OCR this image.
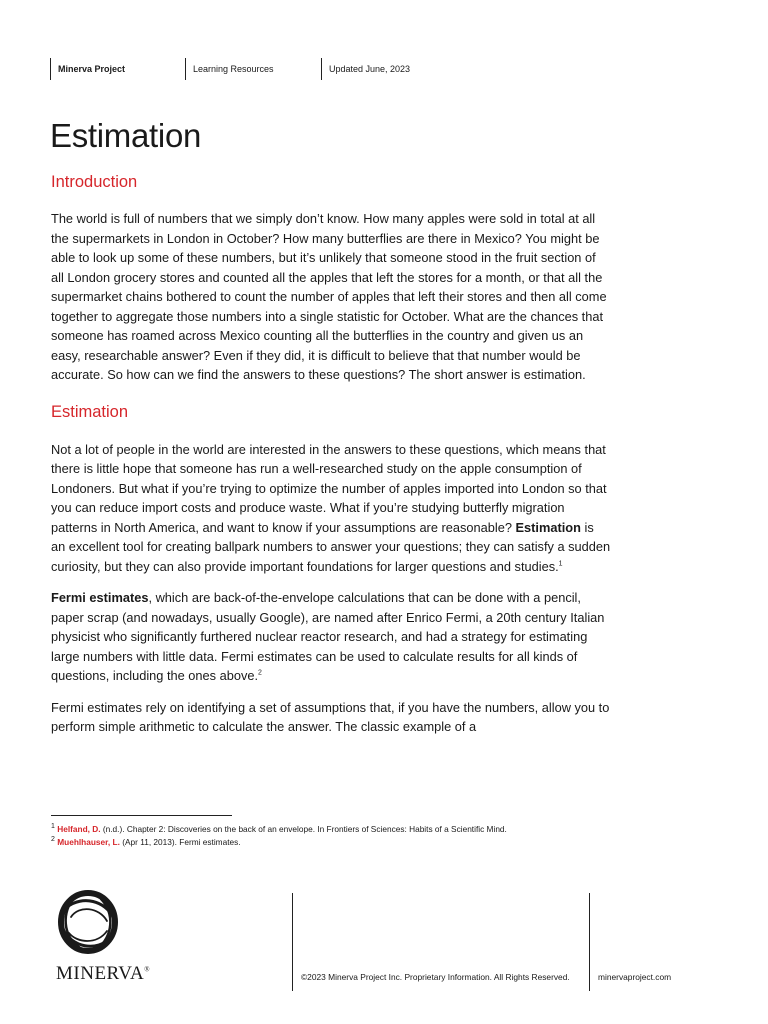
Minerva Project	Learning Resources	Updated June, 2023
Estimation
Introduction

The world is full of numbers that we simply don’t know. How many apples were sold in total at all the supermarkets in London in October? How many butterflies are there in Mexico? You might be able to look up some of these numbers, but it’s unlikely that someone stood in the fruit section of all London grocery stores and counted all the apples that left the stores for a month, or that all the supermarket chains bothered to count the number of apples that left their stores and then all come together to aggregate those numbers into a single statistic for October. What are the chances that someone has roamed across Mexico counting all the butterflies in the country and given us an easy, researchable answer? Even if they did, it is difficult to believe that that number would be accurate. So how can we find the answers to these questions? The short answer is estimation.

Estimation

Not a lot of people in the world are interested in the answers to these questions, which means that there is little hope that someone has run a well-researched study on the apple consumption of Londoners. But what if you’re trying to optimize the number of apples imported into London so that you can reduce import costs and produce waste. What if you’re studying butterfly migration patterns in North America, and want to know if your assumptions are reasonable? Estimation is an excellent tool for creating ballpark numbers to answer your questions; they can satisfy a sudden curiosity, but they can also provide important foundations for larger questions and studies.$^1$

Fermi estimates, which are back-of-the-envelope calculations that can be done with a pencil, paper scrap (and nowadays, usually Google), are named after Enrico Fermi, a 20th century Italian physicist who significantly furthered nuclear reactor research, and had a strategy for estimating large numbers with little data. Fermi estimates can be used to calculate results for all kinds of questions, including the ones above.$^2$

Fermi estimates rely on identifying a set of assumptions that, if you have the numbers, allow you to perform simple arithmetic to calculate the answer. The classic example of a

$^1$ Helfand, D. (n.d.). Chapter 2: Discoveries on the back of an envelope. In Frontiers of Sciences: Habits of a Scientific Mind.
$^2$ Muehlhauser, L. (Apr 11, 2013). Fermi estimates.
MINERVA®
©2023 Minerva Project Inc. Proprietary Information. All Rights Reserved.	minervaproject.com
